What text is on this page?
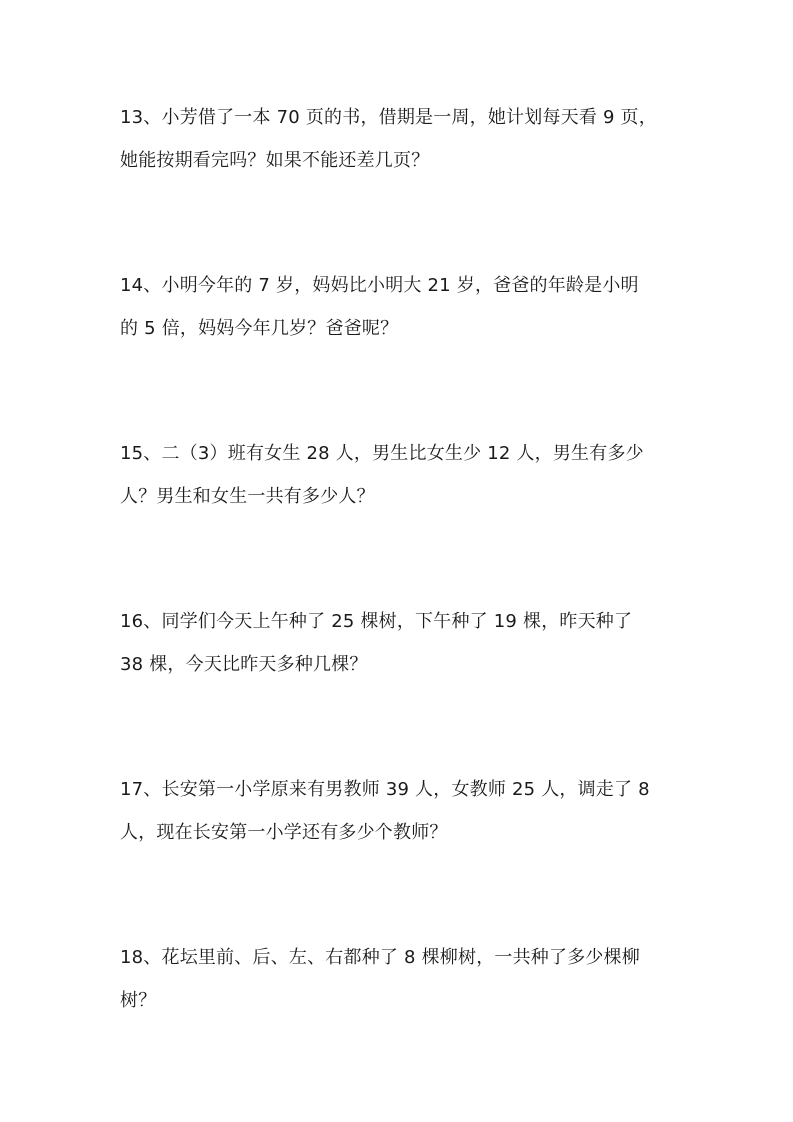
13、小芳借了一本 70 页的书，借期是一周，她计划每天看 9 页，
她能按期看完吗？如果不能还差几页？

14、小明今年的 7 岁，妈妈比小明大 21 岁，爸爸的年龄是小明
的 5 倍，妈妈今年几岁？爸爸呢？

15、二（3）班有女生 28 人，男生比女生少 12 人，男生有多少
人？男生和女生一共有多少人？

16、同学们今天上午种了 25 棵树，下午种了 19 棵，昨天种了
38 棵，今天比昨天多种几棵？

17、长安第一小学原来有男教师 39 人，女教师 25 人，调走了 8
人，现在长安第一小学还有多少个教师？

18、花坛里前、后、左、右都种了 8 棵柳树，一共种了多少棵柳
树？
